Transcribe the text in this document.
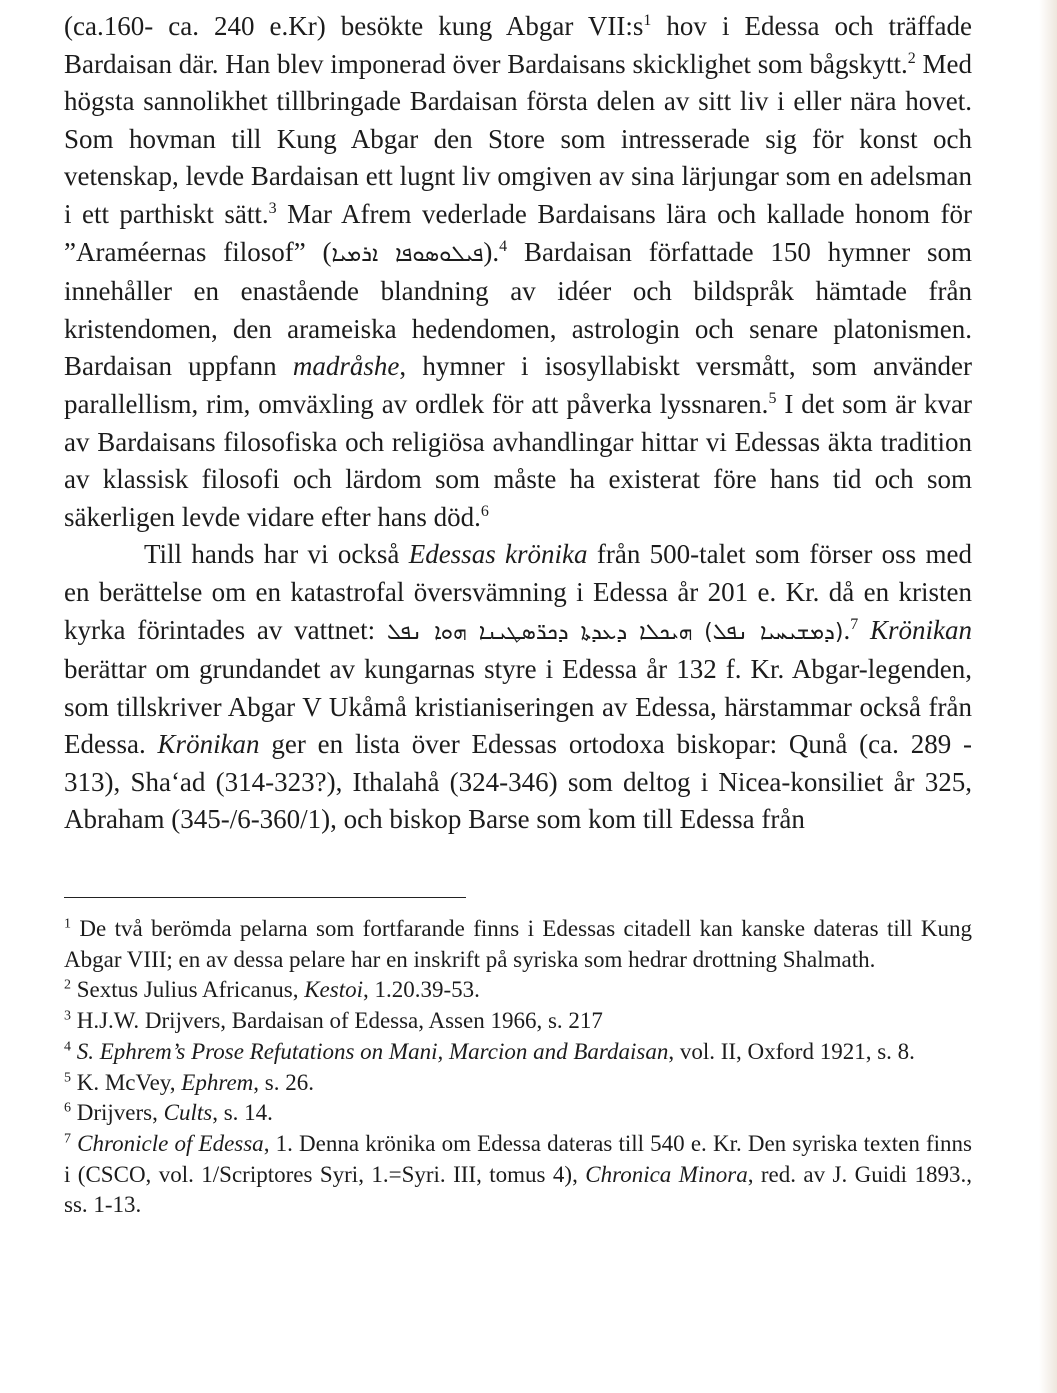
(ca.160- ca. 240 e.Kr) besökte kung Abgar $VII:s^1$ hov i Edessa och träffade Bardaisan där. Han blev imponerad över Bardaisans skicklighet som bågskytt.$^2$ Med högsta sannolikhet tillbringade Bardaisan första delen av sitt liv i eller nära hovet. Som hovman till Kung Abgar den Store som intresserade sig för konst och vetenskap, levde Bardaisan ett lugnt liv omgiven av sina lärjungar som en adelsman i ett parthiskt sätt.$^3$ Mar Afrem vederlade Bardaisans lära och kallade honom för ”Araméernas filosof” (ܦܝܠܘܣܘܦܐ ܐܪܡܝܐ).$^4$ Bardaisan författade 150 hymner som innehåller en enastående blandning av idéer och bildspråk hämtade från kristendomen, den arameiska hedendomen, astrologin och senare platonismen. Bardaisan uppfann madråshe, hymner i isosyllabiskt versmått, som använder parallellism, rim, omväxling av ordlek för att påverka lyssnaren.$^5$ I det som är kvar av Bardaisans filosofiska och religiösa avhandlingar hittar vi Edessas äkta tradition av klassisk filosofi och lärdom som måste ha existerat före hans tid och som säkerligen levde vidare efter hans död.$^6$

Till hands har vi också Edessas krönika från 500-talet som förser oss med en berättelse om en katastrofal översvämning i Edessa år 201 e. Kr. då en kristen kyrka förintades av vattnet: ܗܝܟܠܐ ܕܥܕܬܐ ܕܟܪ̈ܣܛܝܢܐ ܗܘܐ ܢܦܠ (ܕܡܫܝܚܝܐ ܢܦܠ).$^7$ Krönikan berättar om grundandet av kungarnas styre i Edessa år 132 f. Kr. Abgar-legenden, som tillskriver Abgar V Ukåmå kristianiseringen av Edessa, härstammar också från Edessa. Krönikan ger en lista över Edessas ortodoxa biskopar: Qunå (ca. 289 - 313), Sha‘ad (314-323?), Ithalahå (324-346) som deltog i Nicea-konsiliet år 325, Abraham (345-/6-360/1), och biskop Barse som kom till Edessa från

$^1$ De två berömda pelarna som fortfarande finns i Edessas citadell kan kanske dateras till Kung Abgar VIII; en av dessa pelare har en inskrift på syriska som hedrar drottning Shalmath.

$^2$ Sextus Julius Africanus, Kestoi, 1.20.39-53.

$^3$ H.J.W. Drijvers, Bardaisan of Edessa, Assen 1966, s. 217

$^4$ S. Ephrem’s Prose Refutations on Mani, Marcion and Bardaisan, vol. II, Oxford 1921, s. 8.

$^5$ K. McVey, Ephrem, s. 26.

$^6$ Drijvers, Cults, s. 14.

$^7$ Chronicle of Edessa, 1. Denna krönika om Edessa dateras till 540 e. Kr. Den syriska texten finns i (CSCO, vol. 1/Scriptores Syri, 1.=Syri. III, tomus 4), Chronica Minora, red. av J. Guidi 1893., ss. 1-13.
